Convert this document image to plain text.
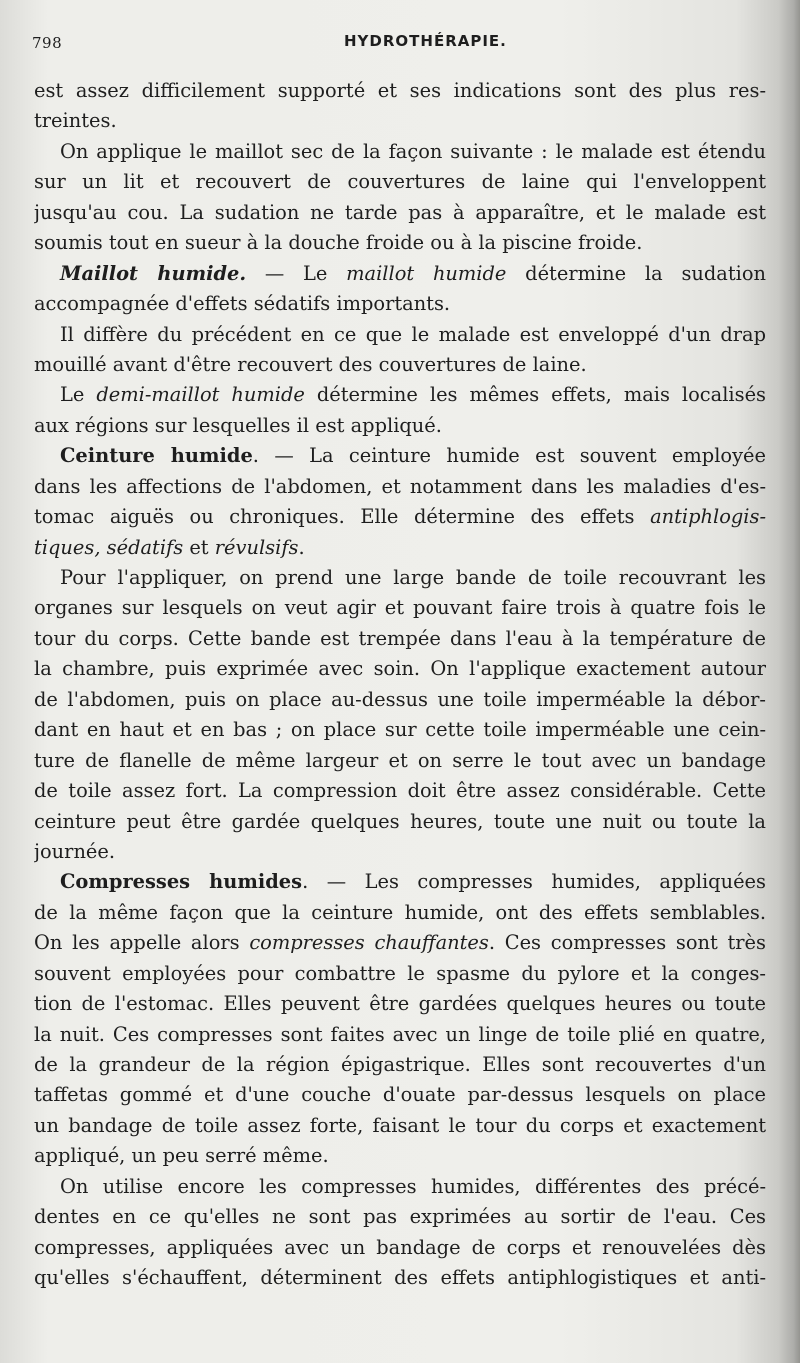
798	HYDROTHÉRAPIE.
est assez difficilement supporté et ses indications sont des plus res-
treintes.
On applique le maillot sec de la façon suivante : le malade est étendu
sur un lit et recouvert de couvertures de laine qui l'enveloppent
jusqu'au cou. La sudation ne tarde pas à apparaître, et le malade est
soumis tout en sueur à la douche froide ou à la piscine froide.
Maillot humide. — Le maillot humide détermine la sudation
accompagnée d'effets sédatifs importants.
Il diffère du précédent en ce que le malade est enveloppé d'un drap
mouillé avant d'être recouvert des couvertures de laine.
Le demi-maillot humide détermine les mêmes effets, mais localisés
aux régions sur lesquelles il est appliqué.
Ceinture humide. — La ceinture humide est souvent employée
dans les affections de l'abdomen, et notamment dans les maladies d'es-
tomac aiguës ou chroniques. Elle détermine des effets antiphlogis-
tiques, sédatifs et révulsifs.
Pour l'appliquer, on prend une large bande de toile recouvrant les
organes sur lesquels on veut agir et pouvant faire trois à quatre fois le
tour du corps. Cette bande est trempée dans l'eau à la température de
la chambre, puis exprimée avec soin. On l'applique exactement autour
de l'abdomen, puis on place au-dessus une toile imperméable la débor-
dant en haut et en bas ; on place sur cette toile imperméable une cein-
ture de flanelle de même largeur et on serre le tout avec un bandage
de toile assez fort. La compression doit être assez considérable. Cette
ceinture peut être gardée quelques heures, toute une nuit ou toute la
journée.
Compresses humides. — Les compresses humides, appliquées
de la même façon que la ceinture humide, ont des effets semblables.
On les appelle alors compresses chauffantes. Ces compresses sont très
souvent employées pour combattre le spasme du pylore et la conges-
tion de l'estomac. Elles peuvent être gardées quelques heures ou toute
la nuit. Ces compresses sont faites avec un linge de toile plié en quatre,
de la grandeur de la région épigastrique. Elles sont recouvertes d'un
taffetas gommé et d'une couche d'ouate par-dessus lesquels on place
un bandage de toile assez forte, faisant le tour du corps et exactement
appliqué, un peu serré même.
On utilise encore les compresses humides, différentes des précé-
dentes en ce qu'elles ne sont pas exprimées au sortir de l'eau. Ces
compresses, appliquées avec un bandage de corps et renouvelées dès
qu'elles s'échauffent, déterminent des effets antiphlogistiques et anti-
